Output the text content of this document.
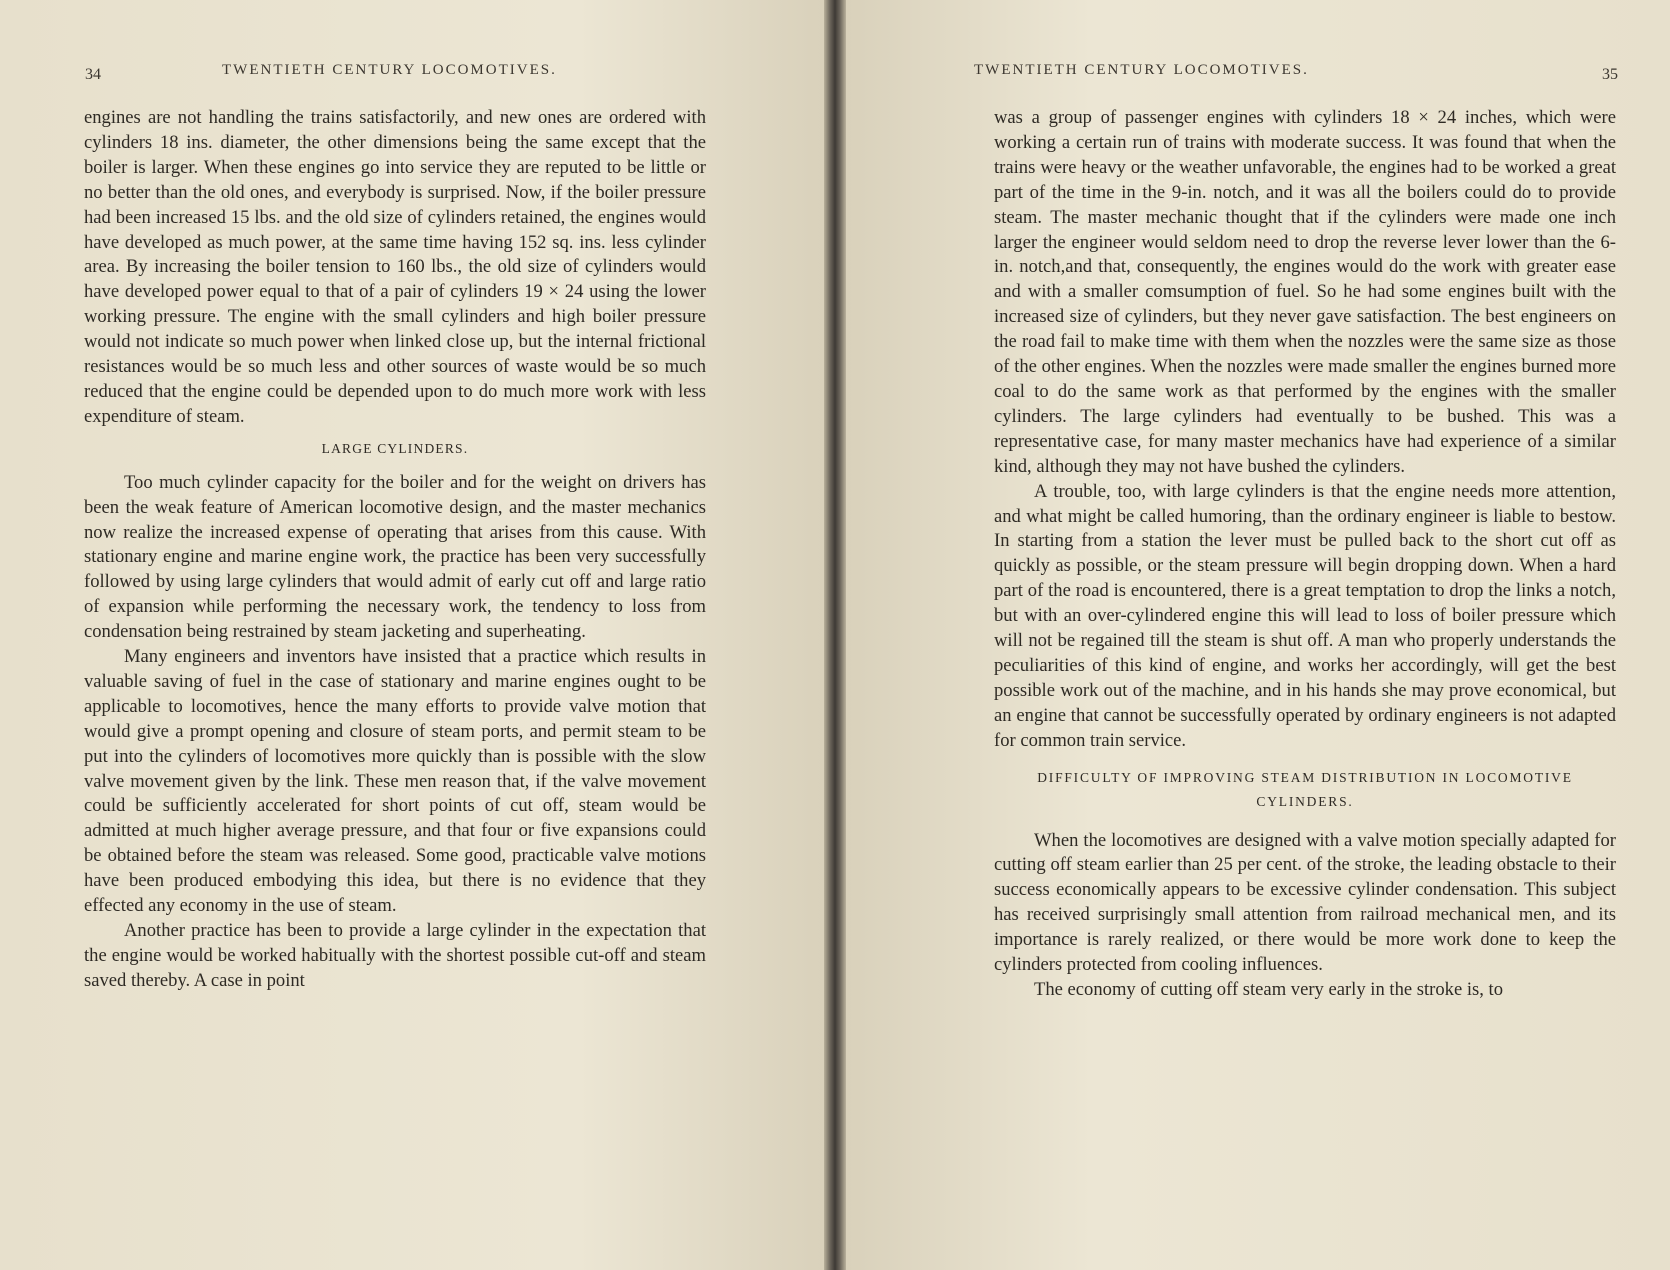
34	TWENTIETH CENTURY LOCOMOTIVES.

engines are not handling the trains satisfactorily, and new ones are ordered with cylinders 18 ins. diameter, the other dimensions being the same except that the boiler is larger. When these engines go into service they are reputed to be little or no better than the old ones, and everybody is surprised. Now, if the boiler pressure had been increased 15 lbs. and the old size of cylinders retained, the engines would have developed as much power, at the same time having 152 sq. ins. less cylinder area. By increasing the boiler tension to 160 lbs., the old size of cylinders would have developed power equal to that of a pair of cylinders 19 × 24 using the lower working pressure. The engine with the small cylinders and high boiler pressure would not indicate so much power when linked close up, but the internal frictional resistances would be so much less and other sources of waste would be so much reduced that the engine could be depended upon to do much more work with less expenditure of steam.

LARGE CYLINDERS.

Too much cylinder capacity for the boiler and for the weight on drivers has been the weak feature of American locomotive design, and the master mechanics now realize the increased expense of operating that arises from this cause. With stationary engine and marine engine work, the practice has been very successfully followed by using large cylinders that would admit of early cut off and large ratio of expansion while performing the necessary work, the tendency to loss from condensation being restrained by steam jacketing and superheating.

Many engineers and inventors have insisted that a practice which results in valuable saving of fuel in the case of stationary and marine engines ought to be applicable to locomotives, hence the many efforts to provide valve motion that would give a prompt opening and closure of steam ports, and permit steam to be put into the cylinders of locomotives more quickly than is possible with the slow valve movement given by the link. These men reason that, if the valve movement could be sufficiently accelerated for short points of cut off, steam would be admitted at much higher average pressure, and that four or five expansions could be obtained before the steam was released. Some good, practicable valve motions have been produced embodying this idea, but there is no evidence that they effected any economy in the use of steam.

Another practice has been to provide a large cylinder in the expectation that the engine would be worked habitually with the shortest possible cut-off and steam saved thereby. A case in point

TWENTIETH CENTURY LOCOMOTIVES.	35

was a group of passenger engines with cylinders 18 × 24 inches, which were working a certain run of trains with moderate success. It was found that when the trains were heavy or the weather unfavorable, the engines had to be worked a great part of the time in the 9-in. notch, and it was all the boilers could do to provide steam. The master mechanic thought that if the cylinders were made one inch larger the engineer would seldom need to drop the reverse lever lower than the 6-in. notch,and that, consequently, the engines would do the work with greater ease and with a smaller comsumption of fuel. So he had some engines built with the increased size of cylinders, but they never gave satisfaction. The best engineers on the road fail to make time with them when the nozzles were the same size as those of the other engines. When the nozzles were made smaller the engines burned more coal to do the same work as that performed by the engines with the smaller cylinders. The large cylinders had eventually to be bushed. This was a representative case, for many master mechanics have had experience of a similar kind, although they may not have bushed the cylinders.

A trouble, too, with large cylinders is that the engine needs more attention, and what might be called humoring, than the ordinary engineer is liable to bestow. In starting from a station the lever must be pulled back to the short cut off as quickly as possible, or the steam pressure will begin dropping down. When a hard part of the road is encountered, there is a great temptation to drop the links a notch, but with an over-cylindered engine this will lead to loss of boiler pressure which will not be regained till the steam is shut off. A man who properly understands the peculiarities of this kind of engine, and works her accordingly, will get the best possible work out of the machine, and in his hands she may prove economical, but an engine that cannot be successfully operated by ordinary engineers is not adapted for common train service.

DIFFICULTY OF IMPROVING STEAM DISTRIBUTION IN LOCOMOTIVE
CYLINDERS.

When the locomotives are designed with a valve motion specially adapted for cutting off steam earlier than 25 per cent. of the stroke, the leading obstacle to their success economically appears to be excessive cylinder condensation. This subject has received surprisingly small attention from railroad mechanical men, and its importance is rarely realized, or there would be more work done to keep the cylinders protected from cooling influences.

The economy of cutting off steam very early in the stroke is, to
